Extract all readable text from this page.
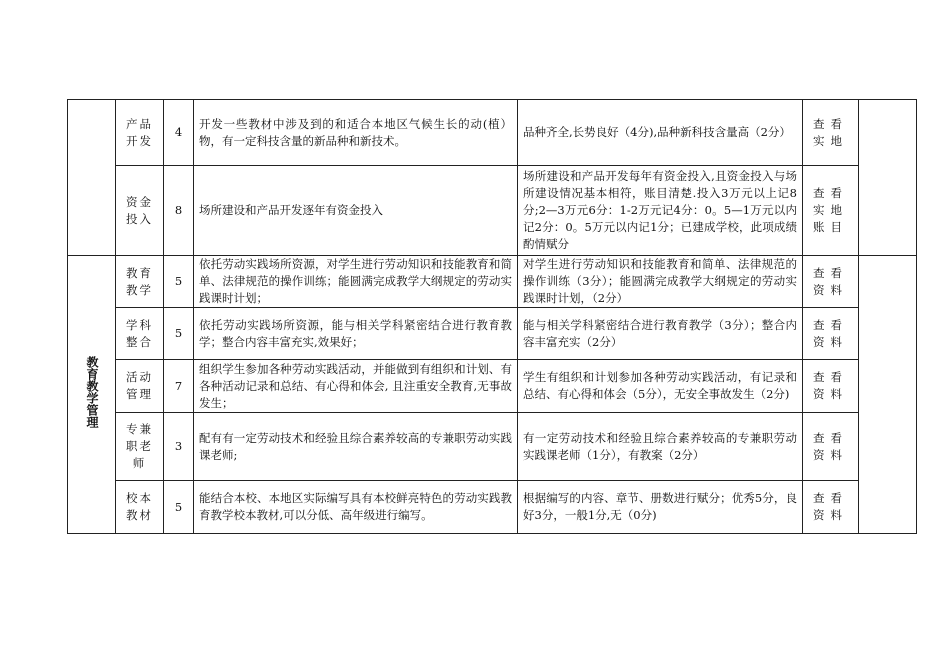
	产品开发	4	开发一些教材中涉及到的和适合本地区气候生长的动(植）物，有一定科技含量的新品种和新技术。	品种齐全,长势良好（4分),品种新科技含量高（2分）	查看实地	
	资金投入	8	场所建设和产品开发逐年有资金投入	场所建设和产品开发每年有资金投入,且资金投入与场所建设情况基本相符，账目清楚.投入3万元以上记8分;2—3万元6分：1-2万元记4分：0。5—1万元以内记2分：0。5万元以内记1分；已建成学校，此项成绩酌情赋分	查看实地账目	
教育教学管理	教育教学	5	依托劳动实践场所资源，对学生进行劳动知识和技能教育和简单、法律规范的操作训练；能圆满完成教学大纲规定的劳动实践课时计划；	对学生进行劳动知识和技能教育和简单、法律规范的操作训练（3分）；能圆满完成教学大纲规定的劳动实践课时计划，（2分）	查看资料	
	学科整合	5	依托劳动实践场所资源，能与相关学科紧密结合进行教育教学；整合内容丰富充实,效果好；	能与相关学科紧密结合进行教育教学（3分）；整合内容丰富充实（2分）	查看资料	
	活动管理	7	组织学生参加各种劳动实践活动，并能做到有组织和计划、有各种活动记录和总结、有心得和体会, 且注重安全教育,无事故发生；	学生有组织和计划参加各种劳动实践活动，有记录和总结、有心得和体会（5分），无安全事故发生（2分)	查看资料	
	专兼职老师	3	配有有一定劳动技术和经验且综合素养较高的专兼职劳动实践课老师;	有一定劳动技术和经验且综合素养较高的专兼职劳动实践课老师（1分），有教案（2分）	查看资料	
	校本教材	5	能结合本校、本地区实际编写具有本校鲜亮特色的劳动实践教育教学校本教材,可以分低、高年级进行编写。	根据编写的内容、章节、册数进行赋分；优秀5分，良好3分，一般1分,无（0分)	查看资料	
